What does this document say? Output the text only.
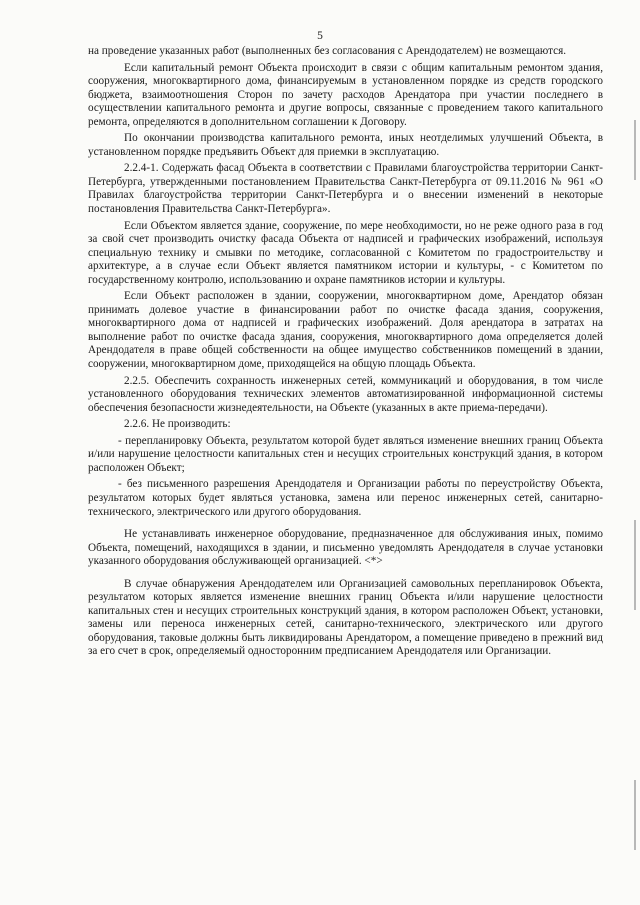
5

на проведение указанных работ (выполненных без согласования с Арендодателем) не возмещаются.

Если капитальный ремонт Объекта происходит в связи с общим капитальным ремонтом здания, сооружения, многоквартирного дома, финансируемым в установленном порядке из средств городского бюджета, взаимоотношения Сторон по зачету расходов Арендатора при участии последнего в осуществлении капитального ремонта и другие вопросы, связанные с проведением такого капитального ремонта, определяются в дополнительном соглашении к Договору.

По окончании производства капитального ремонта, иных неотделимых улучшений Объекта, в установленном порядке предъявить Объект для приемки в эксплуатацию.

2.2.4-1. Содержать фасад Объекта в соответствии с Правилами благоустройства территории Санкт-Петербурга, утвержденными постановлением Правительства Санкт-Петербурга от 09.11.2016 № 961 «О Правилах благоустройства территории Санкт-Петербурга и о внесении изменений в некоторые постановления Правительства Санкт-Петербурга».

Если Объектом является здание, сооружение, по мере необходимости, но не реже одного раза в год за свой счет производить очистку фасада Объекта от надписей и графических изображений, используя специальную технику и смывки по методике, согласованной с Комитетом по градостроительству и архитектуре, а в случае если Объект является памятником истории и культуры, - с Комитетом по государственному контролю, использованию и охране памятников истории и культуры.

Если Объект расположен в здании, сооружении, многоквартирном доме, Арендатор обязан принимать долевое участие в финансировании работ по очистке фасада здания, сооружения, многоквартирного дома от надписей и графических изображений. Доля арендатора в затратах на выполнение работ по очистке фасада здания, сооружения, многоквартирного дома определяется долей Арендодателя в праве общей собственности на общее имущество собственников помещений в здании, сооружении, многоквартирном доме, приходящейся на общую площадь Объекта.

2.2.5. Обеспечить сохранность инженерных сетей, коммуникаций и оборудования, в том числе установленного оборудования технических элементов автоматизированной информационной системы обеспечения безопасности жизнедеятельности, на Объекте (указанных в акте приема-передачи).

2.2.6. Не производить:

- перепланировку Объекта, результатом которой будет являться изменение внешних границ Объекта и/или нарушение целостности капитальных стен и несущих строительных конструкций здания, в котором расположен Объект;

- без письменного разрешения Арендодателя и Организации работы по переустройству Объекта, результатом которых будет являться установка, замена или перенос инженерных сетей, санитарно-технического, электрического или другого оборудования.

Не устанавливать инженерное оборудование, предназначенное для обслуживания иных, помимо Объекта, помещений, находящихся в здании, и письменно уведомлять Арендодателя в случае установки указанного оборудования обслуживающей организацией. <*>

В случае обнаружения Арендодателем или Организацией самовольных перепланировок Объекта, результатом которых является изменение внешних границ Объекта и/или нарушение целостности капитальных стен и несущих строительных конструкций здания, в котором расположен Объект, установки, замены или переноса инженерных сетей, санитарно-технического, электрического или другого оборудования, таковые должны быть ликвидированы Арендатором, а помещение приведено в прежний вид за его счет в срок, определяемый односторонним предписанием Арендодателя или Организации.
